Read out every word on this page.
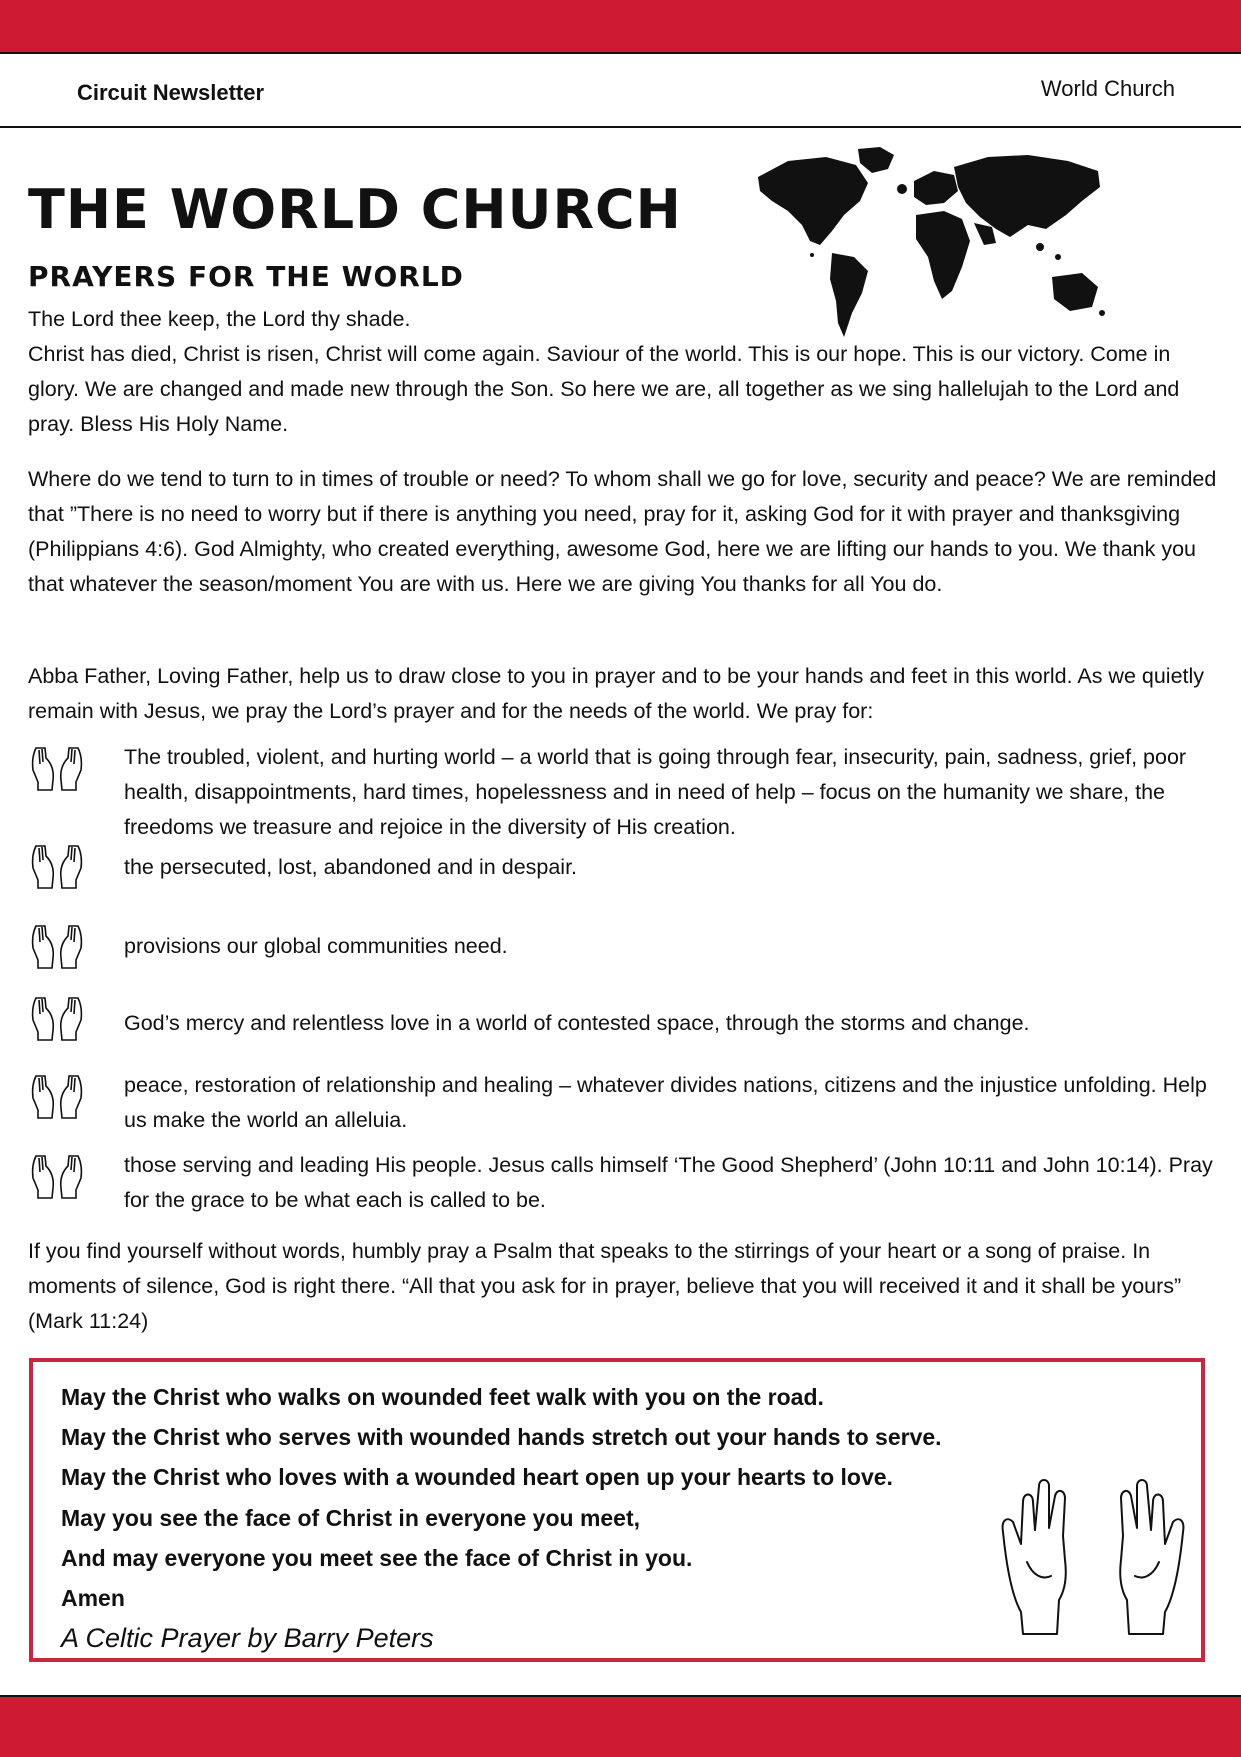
Circuit Newsletter	World Church
THE WORLD CHURCH
PRAYERS FOR THE WORLD

The Lord thee keep, the Lord thy shade.
Christ has died, Christ is risen, Christ will come again. Saviour of the world. This is our hope. This is our victory. Come in glory. We are changed and made new through the Son. So here we are, all together as we sing hallelujah to the Lord and pray. Bless His Holy Name.

Where do we tend to turn to in times of trouble or need? To whom shall we go for love, security and peace? We are reminded that ”There is no need to worry but if there is anything you need, pray for it, asking God for it with prayer and thanksgiving (Philippians 4:6). God Almighty, who created everything, awesome God, here we are lifting our hands to you. We thank you that whatever the season/moment You are with us. Here we are giving You thanks for all You do.

Abba Father, Loving Father, help us to draw close to you in prayer and to be your hands and feet in this world. As we quietly remain with Jesus, we pray the Lord’s prayer and for the needs of the world. We pray for:

The troubled, violent, and hurting world – a world that is going through fear, insecurity, pain, sadness, grief, poor health, disappointments, hard times, hopelessness and in need of help – focus on the humanity we share, the freedoms we treasure and rejoice in the diversity of His creation.
the persecuted, lost, abandoned and in despair.
provisions our global communities need.
God’s mercy and relentless love in a world of contested space, through the storms and change.
peace, restoration of relationship and healing – whatever divides nations, citizens and the injustice unfolding. Help us make the world an alleluia.
those serving and leading His people. Jesus calls himself ‘The Good Shepherd’ (John 10:11 and John 10:14). Pray for the grace to be what each is called to be.

If you find yourself without words, humbly pray a Psalm that speaks to the stirrings of your heart or a song of praise. In moments of silence, God is right there. “All that you ask for in prayer, believe that you will received it and it shall be yours” (Mark 11:24)

May the Christ who walks on wounded feet walk with you on the road.
May the Christ who serves with wounded hands stretch out your hands to serve.
May the Christ who loves with a wounded heart open up your hearts to love.
May you see the face of Christ in everyone you meet,
And may everyone you meet see the face of Christ in you.
Amen
A Celtic Prayer by Barry Peters
